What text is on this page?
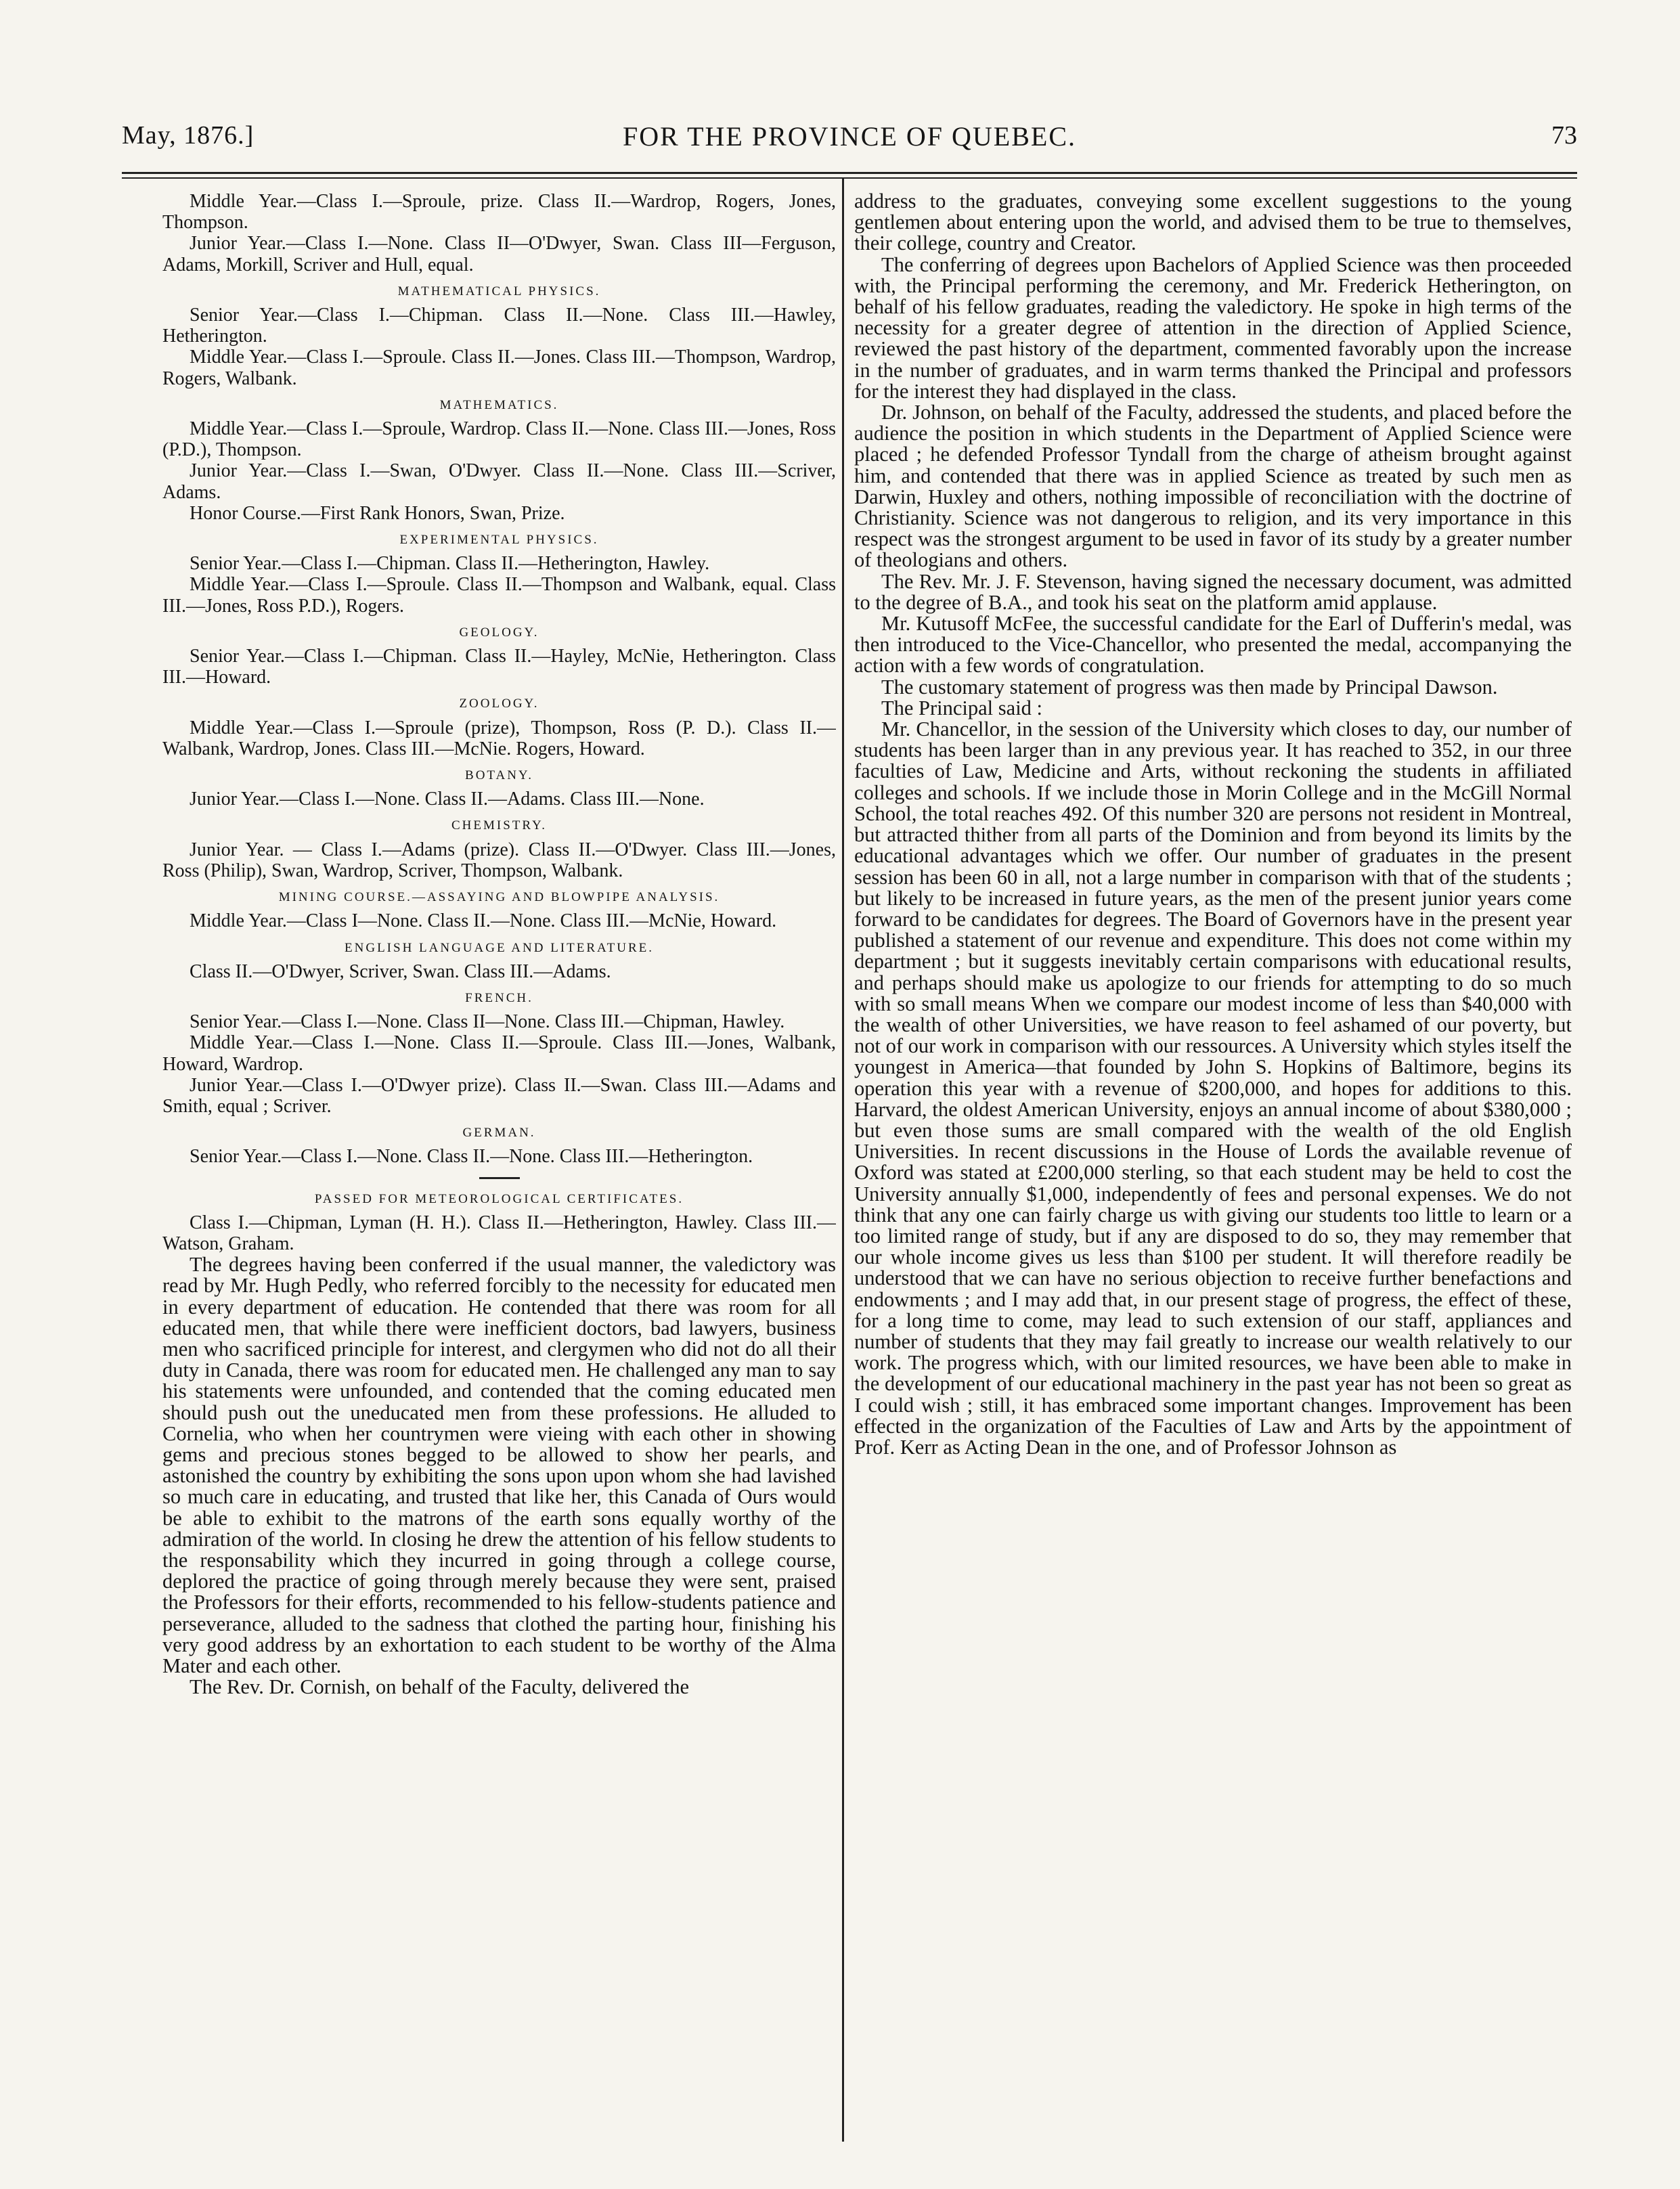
May, 1876.]	FOR THE PROVINCE OF QUEBEC.	73

Middle Year.—Class I.—Sproule, prize. Class II.—Wardrop, Rogers, Jones, Thompson.

Junior Year.—Class I.—None. Class II—O'Dwyer, Swan. Class III—Ferguson, Adams, Morkill, Scriver and Hull, equal.

MATHEMATICAL PHYSICS.

Senior Year.—Class I.—Chipman. Class II.—None. Class III.—Hawley, Hetherington.

Middle Year.—Class I.—Sproule. Class II.—Jones. Class III.—Thompson, Wardrop, Rogers, Walbank.

MATHEMATICS.

Middle Year.—Class I.—Sproule, Wardrop. Class II.—None. Class III.—Jones, Ross (P.D.), Thompson.

Junior Year.—Class I.—Swan, O'Dwyer. Class II.—None. Class III.—Scriver, Adams.

Honor Course.—First Rank Honors, Swan, Prize.

EXPERIMENTAL PHYSICS.

Senior Year.—Class I.—Chipman. Class II.—Hetherington, Hawley.

Middle Year.—Class I.—Sproule. Class II.—Thompson and Walbank, equal. Class III.—Jones, Ross P.D.), Rogers.

GEOLOGY.

Senior Year.—Class I.—Chipman. Class II.—Hayley, McNie, Hetherington. Class III.—Howard.

ZOOLOGY.

Middle Year.—Class I.—Sproule (prize), Thompson, Ross (P. D.). Class II.—Walbank, Wardrop, Jones. Class III.—McNie. Rogers, Howard.

BOTANY.

Junior Year.—Class I.—None. Class II.—Adams. Class III.—None.

CHEMISTRY.

Junior Year. — Class I.—Adams (prize). Class II.—O'Dwyer. Class III.—Jones, Ross (Philip), Swan, Wardrop, Scriver, Thompson, Walbank.

MINING COURSE.—ASSAYING AND BLOWPIPE ANALYSIS.

Middle Year.—Class I—None. Class II.—None. Class III.—McNie, Howard.

ENGLISH LANGUAGE AND LITERATURE.

Class II.—O'Dwyer, Scriver, Swan. Class III.—Adams.

FRENCH.

Senior Year.—Class I.—None. Class II—None. Class III.—Chipman, Hawley.

Middle Year.—Class I.—None. Class II.—Sproule. Class III.—Jones, Walbank, Howard, Wardrop.

Junior Year.—Class I.—O'Dwyer prize). Class II.—Swan. Class III.—Adams and Smith, equal ; Scriver.

GERMAN.

Senior Year.—Class I.—None. Class II.—None. Class III.—Hetherington.

PASSED FOR METEOROLOGICAL CERTIFICATES.

Class I.—Chipman, Lyman (H. H.). Class II.—Hetherington, Hawley. Class III.—Watson, Graham.

The degrees having been conferred if the usual manner, the valedictory was read by Mr. Hugh Pedly, who referred forcibly to the necessity for educated men in every department of education. He contended that there was room for all educated men, that while there were inefficient doctors, bad lawyers, business men who sacrificed principle for interest, and clergymen who did not do all their duty in Canada, there was room for educated men. He challenged any man to say his statements were unfounded, and contended that the coming educated men should push out the uneducated men from these professions. He alluded to Cornelia, who when her countrymen were vieing with each other in showing gems and precious stones begged to be allowed to show her pearls, and astonished the country by exhibiting the sons upon upon whom she had lavished so much care in educating, and trusted that like her, this Canada of Ours would be able to exhibit to the matrons of the earth sons equally worthy of the admiration of the world. In closing he drew the attention of his fellow students to the responsability which they incurred in going through a college course, deplored the practice of going through merely because they were sent, praised the Professors for their efforts, recommended to his fellow-students patience and perseverance, alluded to the sadness that clothed the parting hour, finishing his very good address by an exhortation to each student to be worthy of the Alma Mater and each other.

The Rev. Dr. Cornish, on behalf of the Faculty, delivered the

address to the graduates, conveying some excellent suggestions to the young gentlemen about entering upon the world, and advised them to be true to themselves, their college, country and Creator.

The conferring of degrees upon Bachelors of Applied Science was then proceeded with, the Principal performing the ceremony, and Mr. Frederick Hetherington, on behalf of his fellow graduates, reading the valedictory. He spoke in high terms of the necessity for a greater degree of attention in the direction of Applied Science, reviewed the past history of the department, commented favorably upon the increase in the number of graduates, and in warm terms thanked the Principal and professors for the interest they had displayed in the class.

Dr. Johnson, on behalf of the Faculty, addressed the students, and placed before the audience the position in which students in the Department of Applied Science were placed ; he defended Professor Tyndall from the charge of atheism brought against him, and contended that there was in applied Science as treated by such men as Darwin, Huxley and others, nothing impossible of reconciliation with the doctrine of Christianity. Science was not dangerous to religion, and its very importance in this respect was the strongest argument to be used in favor of its study by a greater number of theologians and others.

The Rev. Mr. J. F. Stevenson, having signed the necessary document, was admitted to the degree of B.A., and took his seat on the platform amid applause.

Mr. Kutusoff McFee, the successful candidate for the Earl of Dufferin's medal, was then introduced to the Vice-Chancellor, who presented the medal, accompanying the action with a few words of congratulation.

The customary statement of progress was then made by Principal Dawson.

The Principal said :

Mr. Chancellor, in the session of the University which closes to day, our number of students has been larger than in any previous year. It has reached to 352, in our three faculties of Law, Medicine and Arts, without reckoning the students in affiliated colleges and schools. If we include those in Morin College and in the McGill Normal School, the total reaches 492. Of this number 320 are persons not resident in Montreal, but attracted thither from all parts of the Dominion and from beyond its limits by the educational advantages which we offer. Our number of graduates in the present session has been 60 in all, not a large number in comparison with that of the students ; but likely to be increased in future years, as the men of the present junior years come forward to be candidates for degrees. The Board of Governors have in the present year published a statement of our revenue and expenditure. This does not come within my department ; but it suggests inevitably certain comparisons with educational results, and perhaps should make us apologize to our friends for attempting to do so much with so small means When we compare our modest income of less than $40,000 with the wealth of other Universities, we have reason to feel ashamed of our poverty, but not of our work in comparison with our ressources. A University which styles itself the youngest in America—that founded by John S. Hopkins of Baltimore, begins its operation this year with a revenue of $200,000, and hopes for additions to this. Harvard, the oldest American University, enjoys an annual income of about $380,000 ; but even those sums are small compared with the wealth of the old English Universities. In recent discussions in the House of Lords the available revenue of Oxford was stated at £200,000 sterling, so that each student may be held to cost the University annually $1,000, independently of fees and personal expenses. We do not think that any one can fairly charge us with giving our students too little to learn or a too limited range of study, but if any are disposed to do so, they may remember that our whole income gives us less than $100 per student. It will therefore readily be understood that we can have no serious objection to receive further benefactions and endowments ; and I may add that, in our present stage of progress, the effect of these, for a long time to come, may lead to such extension of our staff, appliances and number of students that they may fail greatly to increase our wealth relatively to our work. The progress which, with our limited resources, we have been able to make in the development of our educational machinery in the past year has not been so great as I could wish ; still, it has embraced some important changes. Improvement has been effected in the organization of the Faculties of Law and Arts by the appointment of Prof. Kerr as Acting Dean in the one, and of Professor Johnson as
